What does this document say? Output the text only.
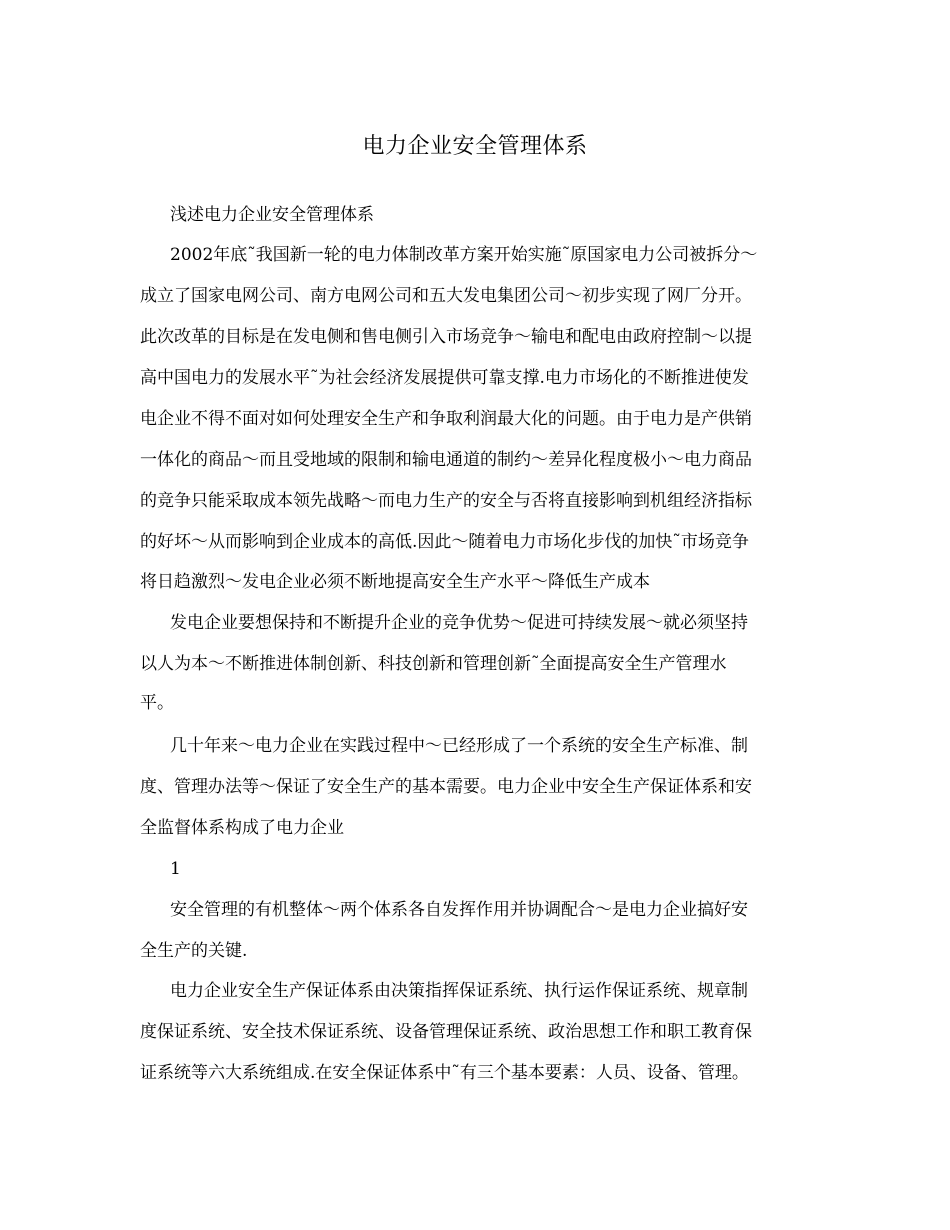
电力企业安全管理体系
浅述电力企业安全管理体系
2002年底˜我国新一轮的电力体制改革方案开始实施˜原国家电力公司被拆分～
成立了国家电网公司、南方电网公司和五大发电集团公司～初步实现了网厂分开。
此次改革的目标是在发电侧和售电侧引入市场竞争～输电和配电由政府控制～以提
高中国电力的发展水平˜为社会经济发展提供可靠支撑.电力市场化的不断推进使发
电企业不得不面对如何处理安全生产和争取利润最大化的问题。由于电力是产供销
一体化的商品～而且受地域的限制和输电通道的制约～差异化程度极小～电力商品
的竞争只能采取成本领先战略～而电力生产的安全与否将直接影响到机组经济指标
的好坏～从而影响到企业成本的高低.因此～随着电力市场化步伐的加快˜市场竞争
将日趋激烈～发电企业必须不断地提高安全生产水平～降低生产成本
发电企业要想保持和不断提升企业的竞争优势～促进可持续发展～就必须坚持
以人为本～不断推进体制创新、科技创新和管理创新˜全面提高安全生产管理水
平。
几十年来～电力企业在实践过程中～已经形成了一个系统的安全生产标准、制
度、管理办法等～保证了安全生产的基本需要。电力企业中安全生产保证体系和安
全监督体系构成了电力企业
1
安全管理的有机整体～两个体系各自发挥作用并协调配合～是电力企业搞好安
全生产的关键.
电力企业安全生产保证体系由决策指挥保证系统、执行运作保证系统、规章制
度保证系统、安全技术保证系统、设备管理保证系统、政治思想工作和职工教育保
证系统等六大系统组成.在安全保证体系中˜有三个基本要素：人员、设备、管理。
